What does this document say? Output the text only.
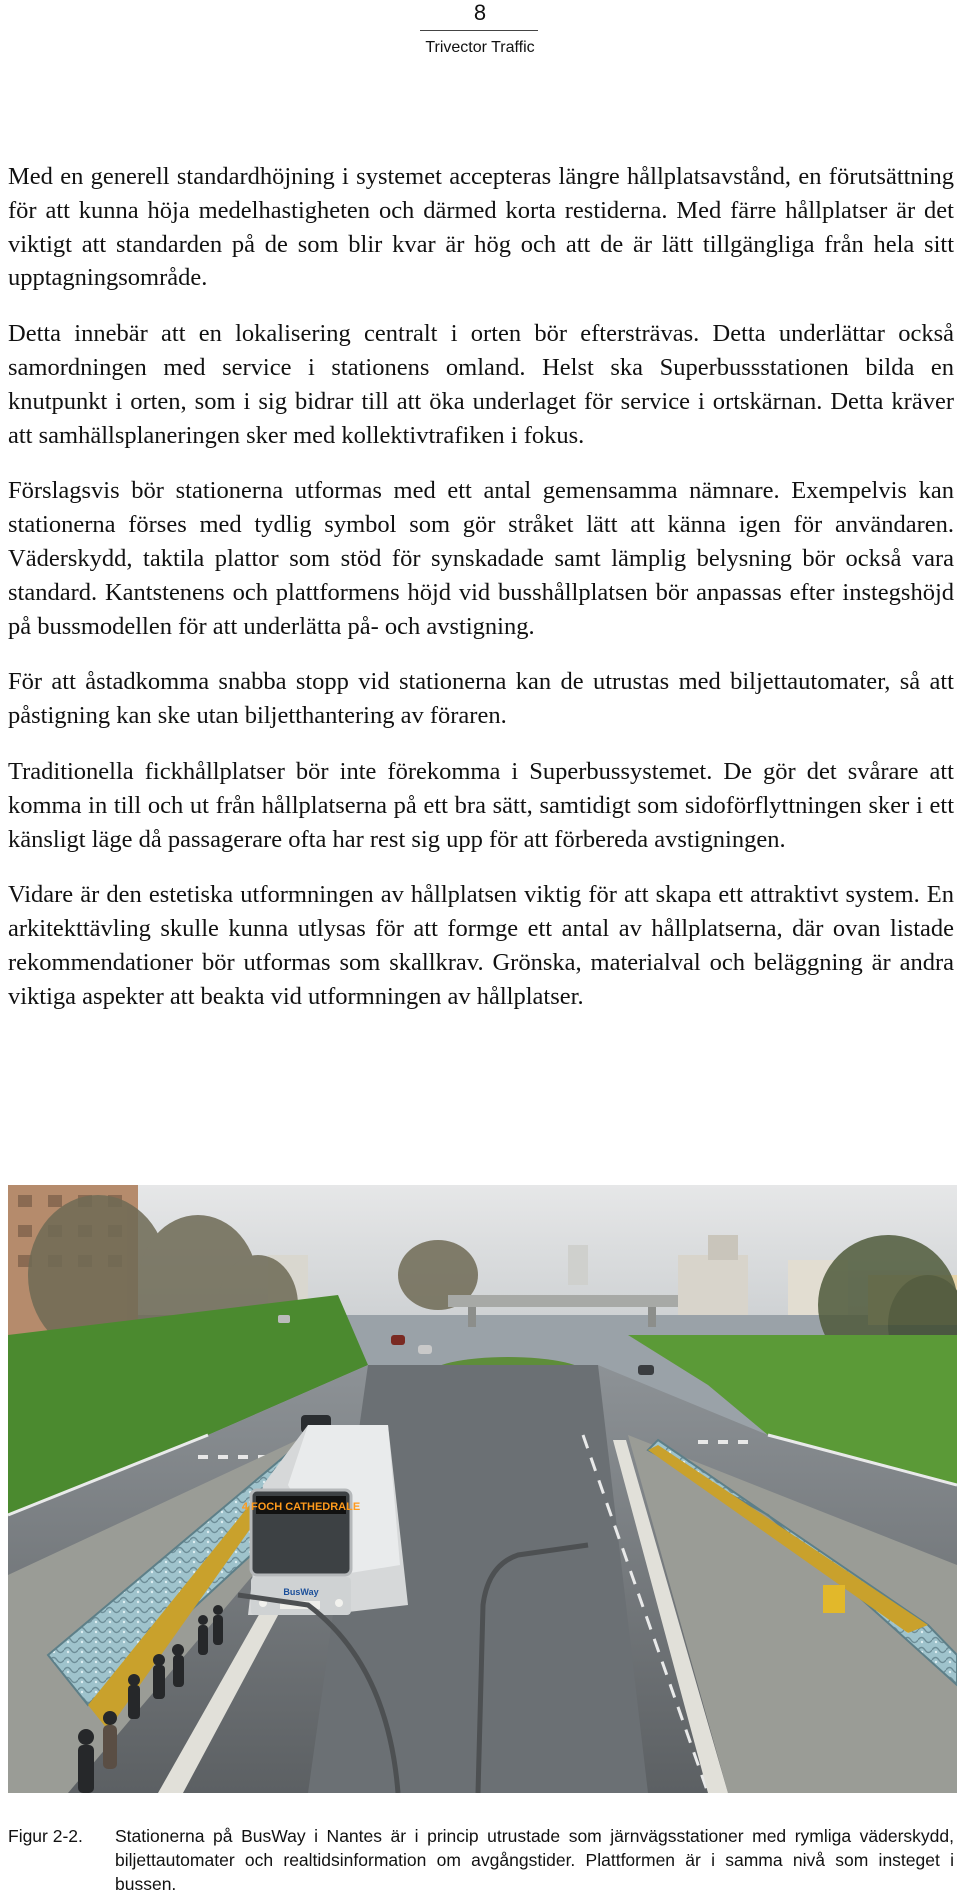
8
Trivector Traffic

Med en generell standardhöjning i systemet accepteras längre hållplatsavstånd, en förutsättning för att kunna höja medelhastigheten och därmed korta restiderna. Med färre hållplatser är det viktigt att standarden på de som blir kvar är hög och att de är lätt tillgängliga från hela sitt upptagningsområde.

Detta innebär att en lokalisering centralt i orten bör eftersträvas. Detta underlättar också samordningen med service i stationens omland. Helst ska Superbussstationen bilda en knutpunkt i orten, som i sig bidrar till att öka underlaget för service i ortskärnan. Detta kräver att samhällsplaneringen sker med kollektivtrafiken i fokus.

Förslagsvis bör stationerna utformas med ett antal gemensamma nämnare. Exempelvis kan stationerna förses med tydlig symbol som gör stråket lätt att känna igen för användaren. Väderskydd, taktila plattor som stöd för synskadade samt lämplig belysning bör också vara standard. Kantstenens och plattformens höjd vid busshållplatsen bör anpassas efter instegshöjd på bussmodellen för att underlätta på- och avstigning.

För att åstadkomma snabba stopp vid stationerna kan de utrustas med biljettautomater, så att påstigning kan ske utan biljetthantering av föraren.

Traditionella fickhållplatser bör inte förekomma i Superbussystemet. De gör det svårare att komma in till och ut från hållplatserna på ett bra sätt, samtidigt som sidoförflyttningen sker i ett känsligt läge då passagerare ofta har rest sig upp för att förbereda avstigningen.

Vidare är den estetiska utformningen av hållplatsen viktig för att skapa ett attraktivt system. En arkitekttävling skulle kunna utlysas för att formge ett antal av hållplatserna, där ovan listade rekommendationer bör utformas som skallkrav. Grönska, materialval och beläggning är andra viktiga aspekter att beakta vid utformningen av hållplatser.

4 FOCH CATHEDRALE
BusWay
Figur 2-2.	Stationerna på BusWay i Nantes är i princip utrustade som järnvägsstationer med rymliga väderskydd, biljettautomater och realtidsinformation om avgångstider. Plattformen är i samma nivå som insteget i bussen.
